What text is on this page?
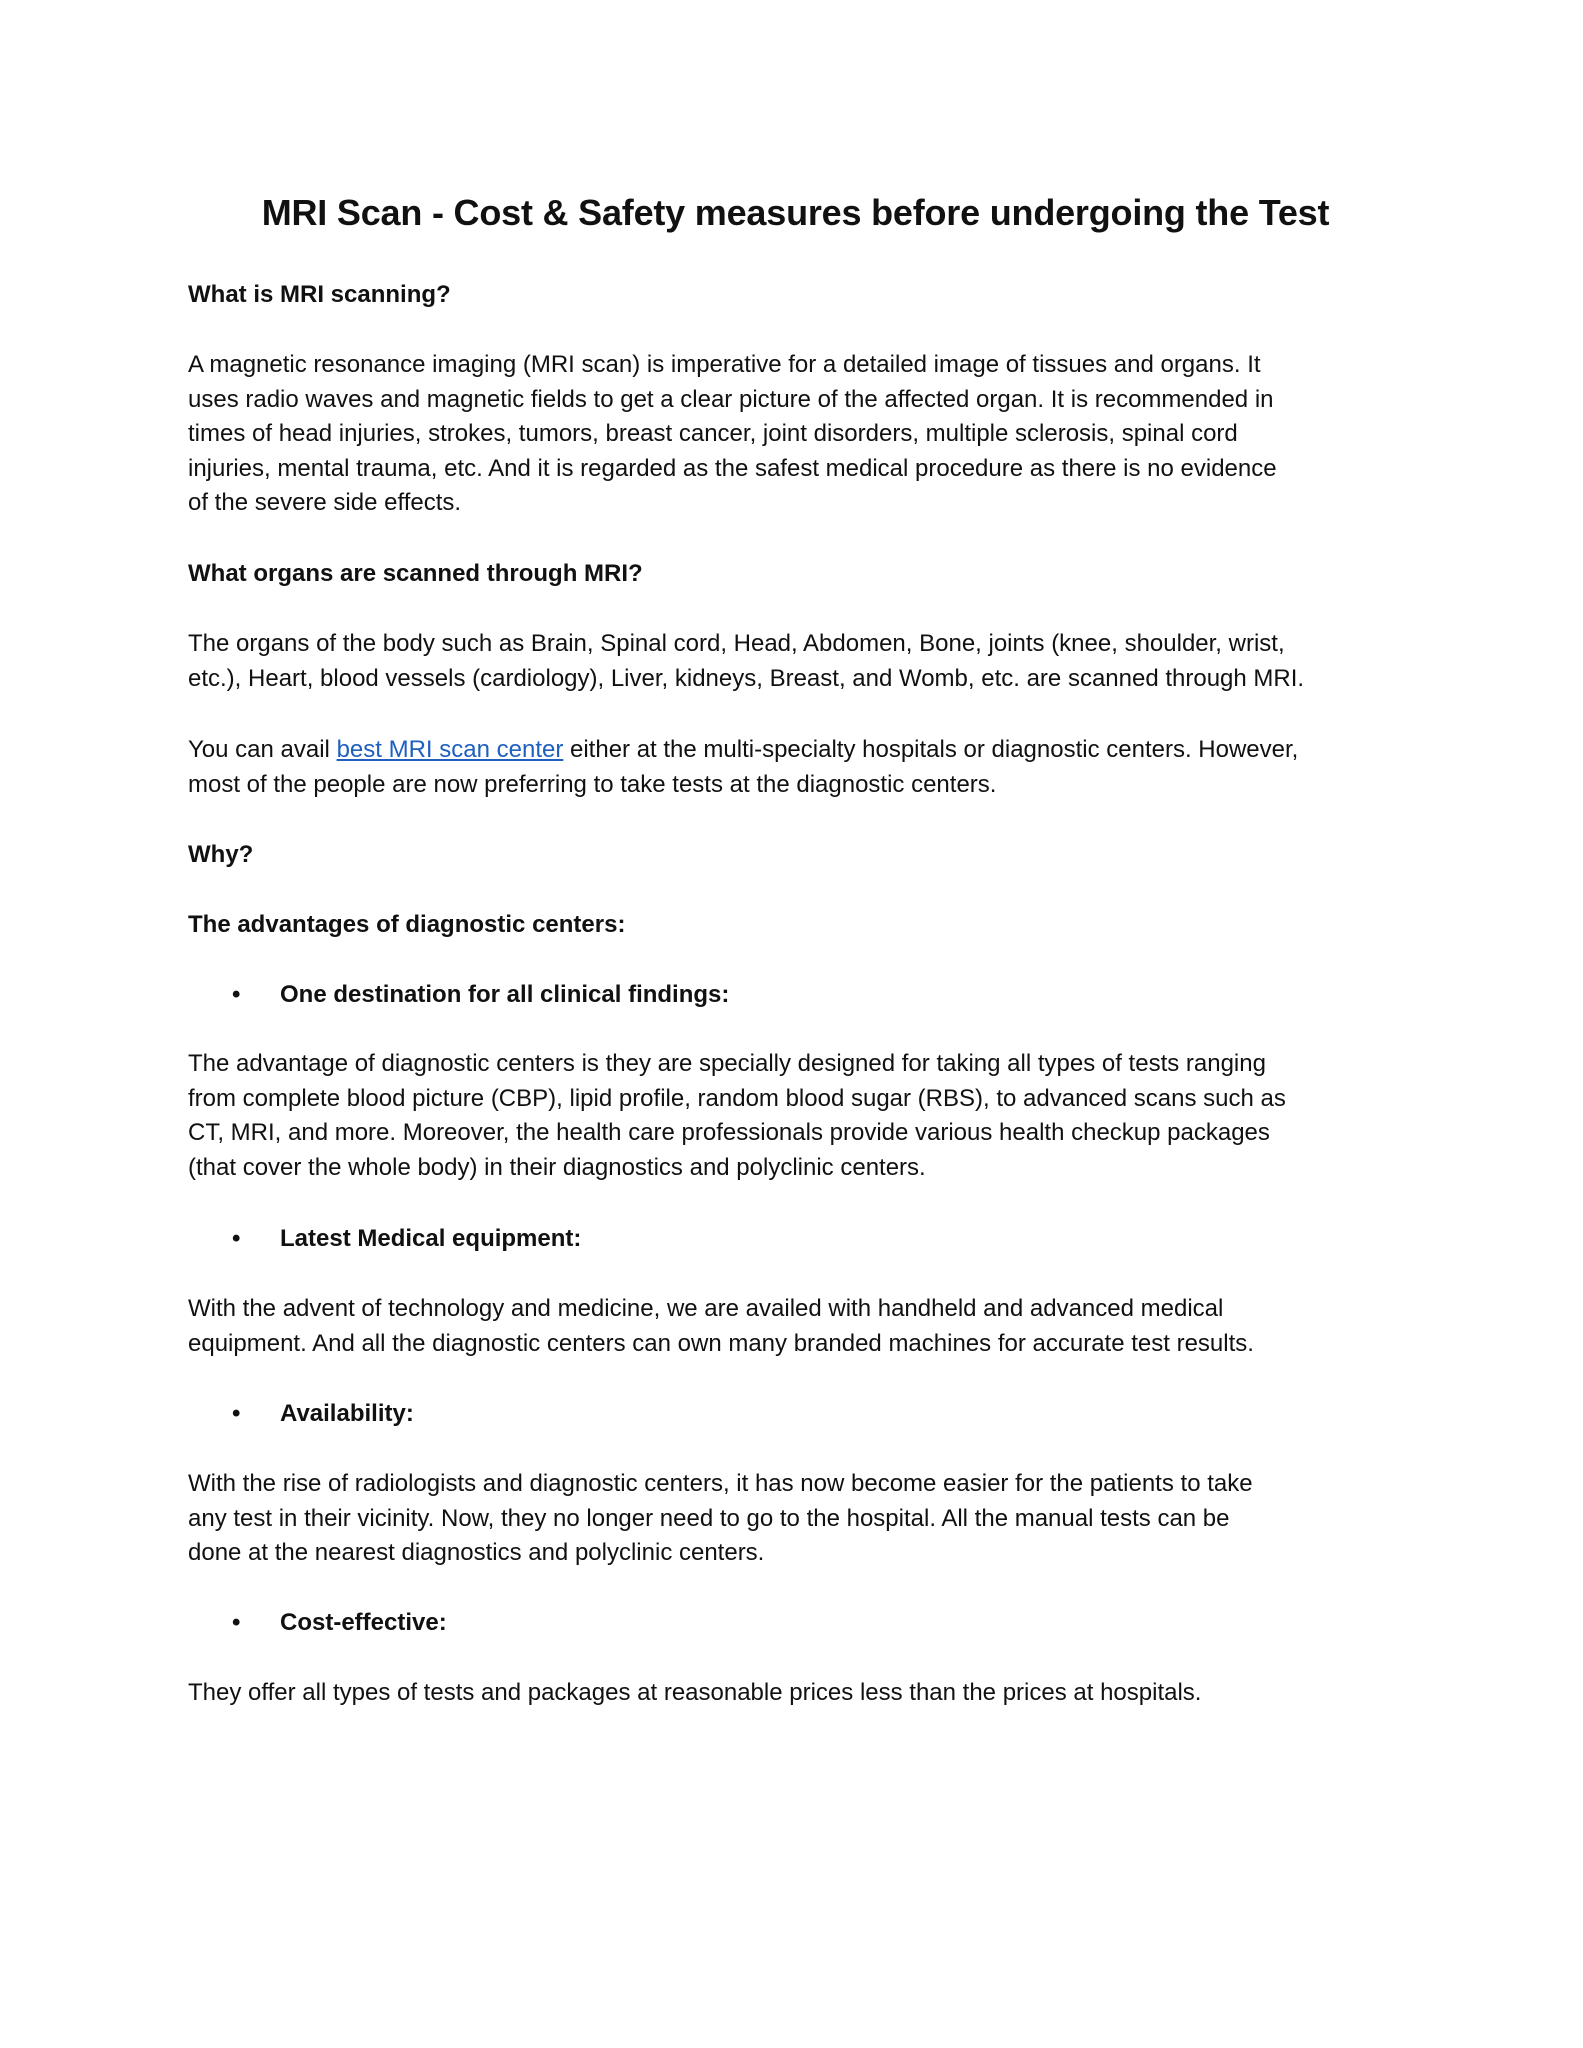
MRI Scan - Cost & Safety measures before undergoing the Test

What is MRI scanning?

A magnetic resonance imaging (MRI scan) is imperative for a detailed image of tissues and organs. It
uses radio waves and magnetic fields to get a clear picture of the affected organ. It is recommended in
times of head injuries, strokes, tumors, breast cancer, joint disorders, multiple sclerosis, spinal cord
injuries, mental trauma, etc. And it is regarded as the safest medical procedure as there is no evidence
of the severe side effects.

What organs are scanned through MRI?

The organs of the body such as Brain, Spinal cord, Head, Abdomen, Bone, joints (knee, shoulder, wrist,
etc.), Heart, blood vessels (cardiology), Liver, kidneys, Breast, and Womb, etc. are scanned through MRI.

You can avail best MRI scan center either at the multi-specialty hospitals or diagnostic centers. However,
most of the people are now preferring to take tests at the diagnostic centers.

Why?

The advantages of diagnostic centers:

• One destination for all clinical findings:

The advantage of diagnostic centers is they are specially designed for taking all types of tests ranging
from complete blood picture (CBP), lipid profile, random blood sugar (RBS), to advanced scans such as
CT, MRI, and more. Moreover, the health care professionals provide various health checkup packages
(that cover the whole body) in their diagnostics and polyclinic centers.

• Latest Medical equipment:

With the advent of technology and medicine, we are availed with handheld and advanced medical
equipment. And all the diagnostic centers can own many branded machines for accurate test results.

• Availability:

With the rise of radiologists and diagnostic centers, it has now become easier for the patients to take
any test in their vicinity. Now, they no longer need to go to the hospital. All the manual tests can be
done at the nearest diagnostics and polyclinic centers.

• Cost-effective:

They offer all types of tests and packages at reasonable prices less than the prices at hospitals.
